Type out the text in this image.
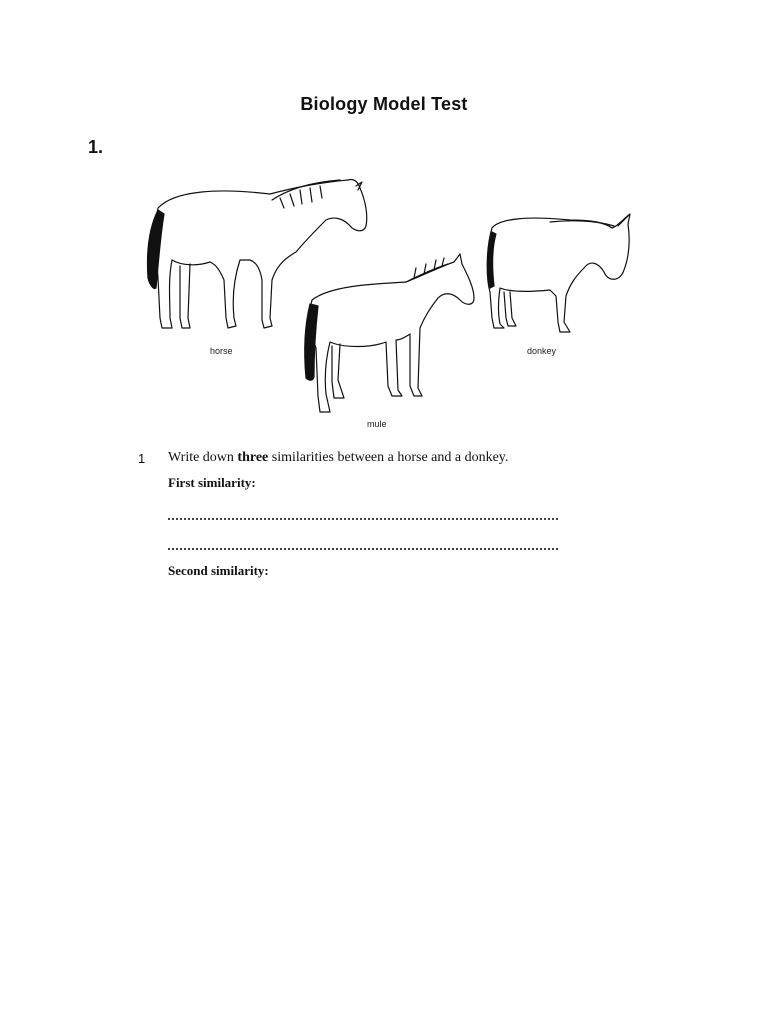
Biology Model Test
1.
horse	donkey
mule
1 Write down three similarities between a horse and a donkey.
First similarity:
Second similarity:
